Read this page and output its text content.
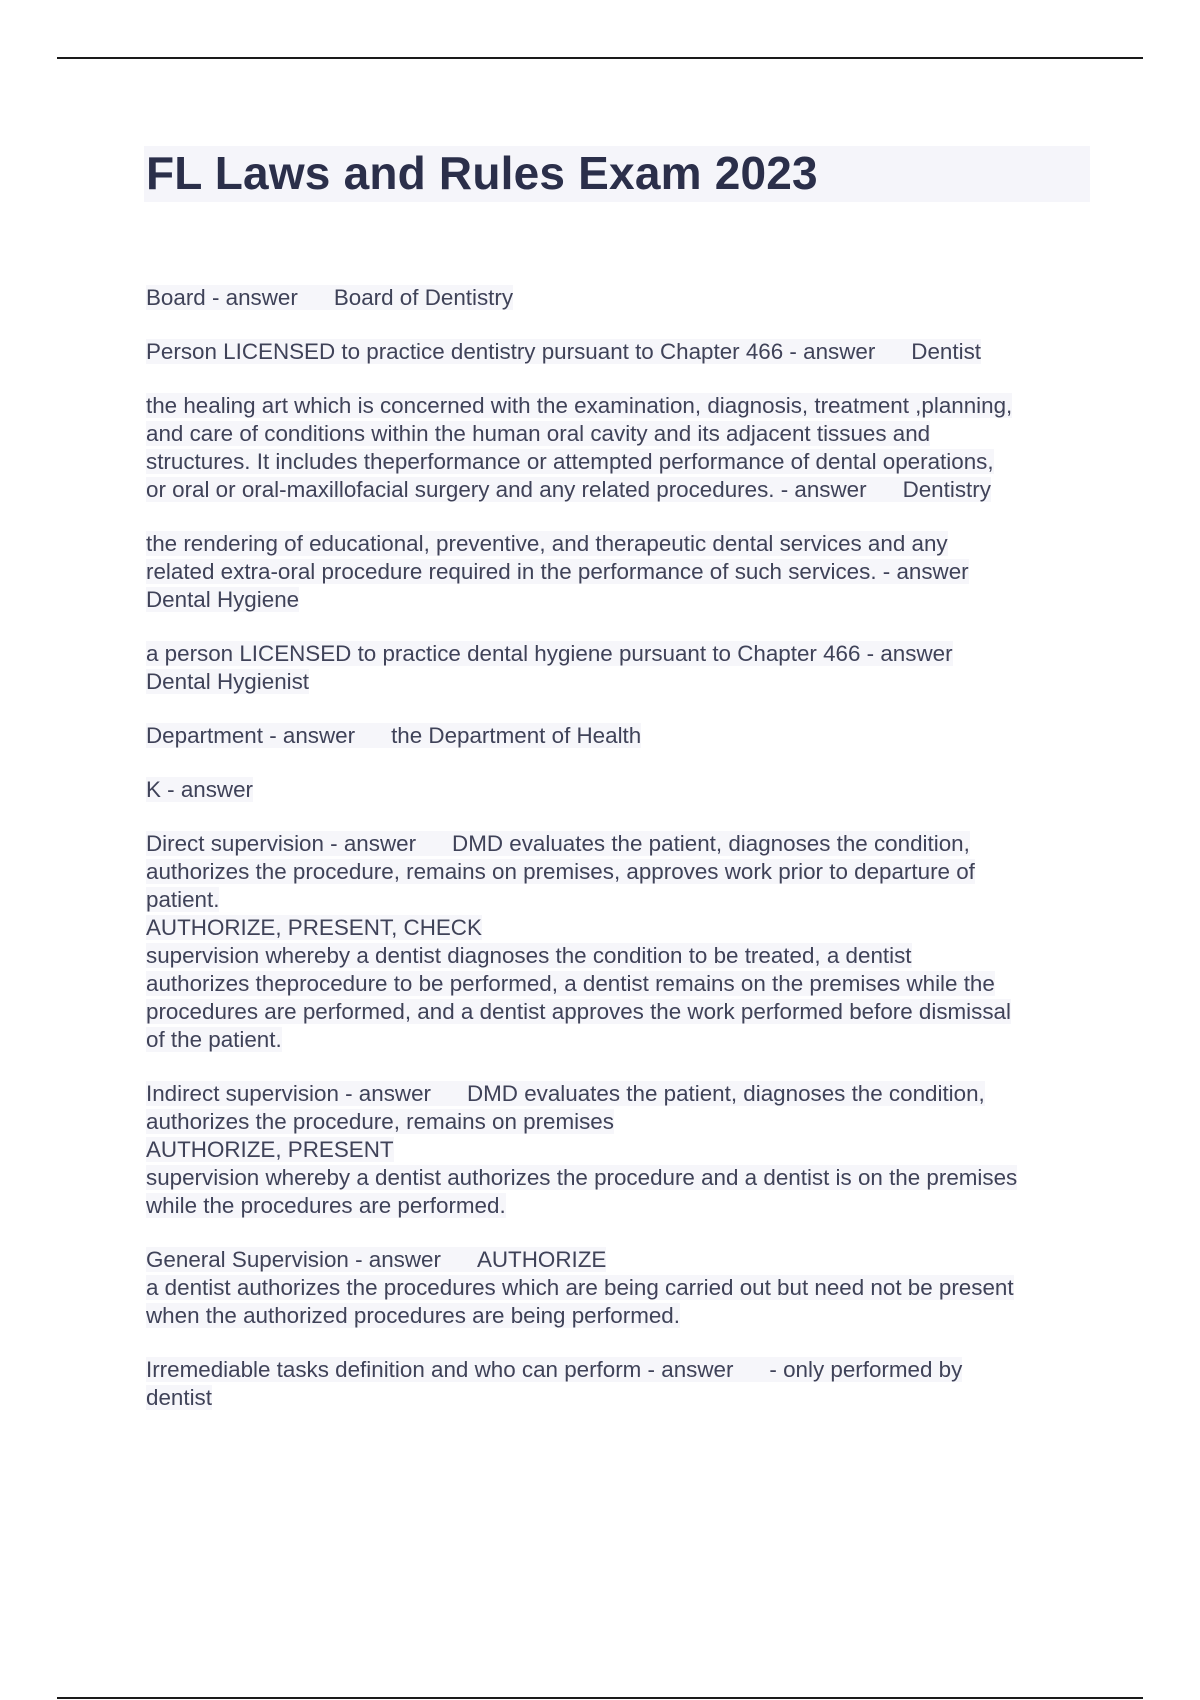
FL Laws and Rules Exam 2023

Board - answer Board of Dentistry

Person LICENSED to practice dentistry pursuant to Chapter 466 - answer Dentist

the healing art which is concerned with the examination, diagnosis, treatment ,planning,
and care of conditions within the human oral cavity and its adjacent tissues and
structures. It includes theperformance or attempted performance of dental operations,
or oral or oral-maxillofacial surgery and any related procedures. - answer Dentistry

the rendering of educational, preventive, and therapeutic dental services and any
related extra-oral procedure required in the performance of such services. - answer
Dental Hygiene

a person LICENSED to practice dental hygiene pursuant to Chapter 466 - answer
Dental Hygienist

Department - answer the Department of Health

K - answer

Direct supervision - answer DMD evaluates the patient, diagnoses the condition,
authorizes the procedure, remains on premises, approves work prior to departure of
patient.
AUTHORIZE, PRESENT, CHECK
supervision whereby a dentist diagnoses the condition to be treated, a dentist
authorizes theprocedure to be performed, a dentist remains on the premises while the
procedures are performed, and a dentist approves the work performed before dismissal
of the patient.

Indirect supervision - answer DMD evaluates the patient, diagnoses the condition,
authorizes the procedure, remains on premises
AUTHORIZE, PRESENT
supervision whereby a dentist authorizes the procedure and a dentist is on the premises
while the procedures are performed.

General Supervision - answer AUTHORIZE
a dentist authorizes the procedures which are being carried out but need not be present
when the authorized procedures are being performed.

Irremediable tasks definition and who can perform - answer - only performed by
dentist
